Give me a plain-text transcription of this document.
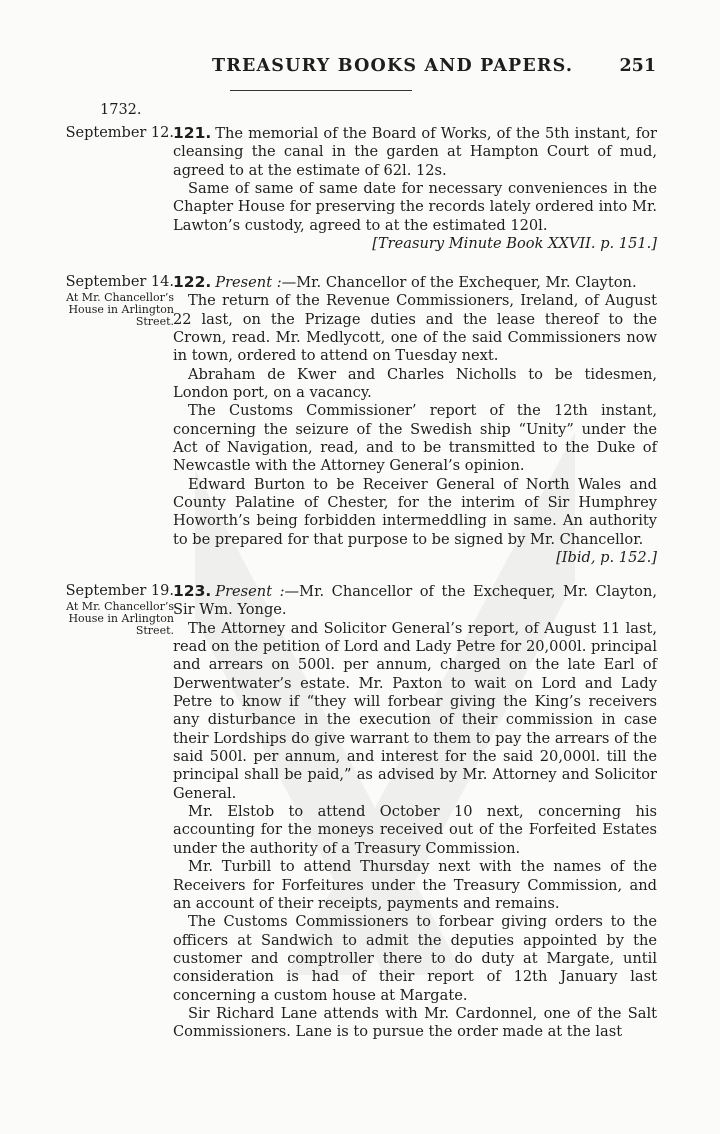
TREASURY BOOKS AND PAPERS.	251
1732.
September 12. 121. The memorial of the Board of Works, of the 5th instant, for cleansing the canal in the garden at Hampton Court of mud, agreed to at the estimate of 62l. 12s.

Same of same of same date for necessary conveniences in the Chapter House for preserving the records lately ordered into Mr. Lawton’s custody, agreed to at the estimated 120l.

[Treasury Minute Book XXVII. p. 151.]

September 14.
At Mr. Chancellor’s House in Arlington Street.

122. Present :—Mr. Chancellor of the Exchequer, Mr. Clayton.

The return of the Revenue Commissioners, Ireland, of August 22 last, on the Prizage duties and the lease thereof to the Crown, read. Mr. Medlycott, one of the said Commissioners now in town, ordered to attend on Tuesday next.

Abraham de Kwer and Charles Nicholls to be tidesmen, London port, on a vacancy.

The Customs Commissioner’ report of the 12th instant, concerning the seizure of the Swedish ship “Unity” under the Act of Navigation, read, and to be transmitted to the Duke of Newcastle with the Attorney General’s opinion.

Edward Burton to be Receiver General of North Wales and County Palatine of Chester, for the interim of Sir Humphrey Howorth’s being forbidden intermeddling in same. An authority to be prepared for that purpose to be signed by Mr. Chancellor.

[Ibid, p. 152.]

September 19.
At Mr. Chancellor’s House in Arlington Street.

123. Present :—Mr. Chancellor of the Exchequer, Mr. Clayton, Sir Wm. Yonge.

The Attorney and Solicitor General’s report, of August 11 last, read on the petition of Lord and Lady Petre for 20,000l. principal and arrears on 500l. per annum, charged on the late Earl of Derwentwater’s estate. Mr. Paxton to wait on Lord and Lady Petre to know if “they will forbear giving the King’s receivers any disturbance in the execution of their commission in case their Lordships do give warrant to them to pay the arrears of the said 500l. per annum, and interest for the said 20,000l. till the principal shall be paid,” as advised by Mr. Attorney and Solicitor General.

Mr. Elstob to attend October 10 next, concerning his accounting for the moneys received out of the Forfeited Estates under the authority of a Treasury Commission.

Mr. Turbill to attend Thursday next with the names of the Receivers for Forfeitures under the Treasury Commission, and an account of their receipts, payments and remains.

The Customs Commissioners to forbear giving orders to the officers at Sandwich to admit the deputies appointed by the customer and comptroller there to do duty at Margate, until consideration is had of their report of 12th January last concerning a custom house at Margate.

Sir Richard Lane attends with Mr. Cardonnel, one of the Salt Commissioners. Lane is to pursue the order made at the last
